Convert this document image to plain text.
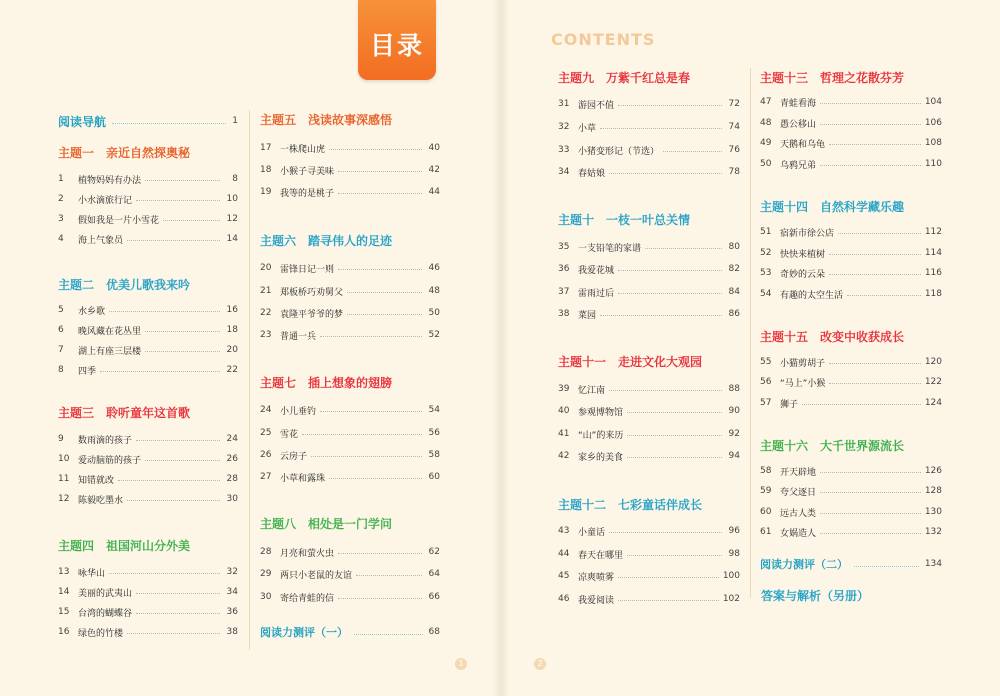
目录	CONTENTS
阅读导航	1
主题一 亲近自然探奥秘
1	植物妈妈有办法	8
2	小水滴旅行记	10
3	假如我是一片小雪花	12
4	海上气象员	14
主题二 优美儿歌我来吟
5	水乡歌	16
6	晚风藏在花丛里	18
7	湖上有座三层楼	20
8	四季	22
主题三 聆听童年这首歌
9	数雨滴的孩子	24
10 爱动脑筋的孩子	26
11 知错就改	28
12 陈毅吃墨水	30
主题四 祖国河山分外美
13 咏华山	32
14 美丽的武夷山	34
15 台湾的蝴蝶谷	36
16 绿色的竹楼	38
主题五 浅读故事深感悟
17 一株爬山虎	40
18 小猴子寻美味	42
19 我等的是桃子	44
主题六 踏寻伟人的足迹
20 雷锋日记一则	46
21 郑板桥巧劝舅父	48
22 袁隆平爷爷的梦	50
23 普通一兵	52
主题七 插上想象的翅膀
24 小儿垂钓	54
25 雪花	56
26 云房子	58
27 小草和露珠	60
主题八 相处是一门学问
28 月亮和萤火虫	62
29 两只小老鼠的友谊	64
30 寄给青蛙的信	66
主题九 万紫千红总是春
31 游园不值	72
32 小草	74
33 小猪变形记（节选）	76
34 春姑娘	78
主题十 一枝一叶总关情
35 一支铅笔的家谱	80
36 我爱花城	82
37 雷雨过后	84
38 菜园	86
主题十一 走进文化大观园
39 忆江南	88
40 参观博物馆	90
41 “山”的来历	92
42 家乡的美食	94
主题十二 七彩童话伴成长
43 小童话	96
44 春天在哪里	98
45 凉爽喷雾	100
46 我爱阅读	102
主题十三 哲理之花散芬芳
47 青蛙看海	104
48 愚公移山	106
49 天鹅和乌龟	108
50 乌鸦兄弟	110
主题十四 自然科学藏乐趣
51 宿新市徐公店	112
52 快快来植树	114
53 奇妙的云朵	116
54 有趣的太空生活	118
主题十五 改变中收获成长
55 小猫剪胡子	120
56 “马上”小猴	122
57 狮子	124
主题十六 大千世界源流长
58 开天辟地	126
59 夸父逐日	128
60 远古人类	130
61 女娲造人	132
阅读力测评（一）	68
阅读力测评（二）	134
答案与解析（另册）
1	2
